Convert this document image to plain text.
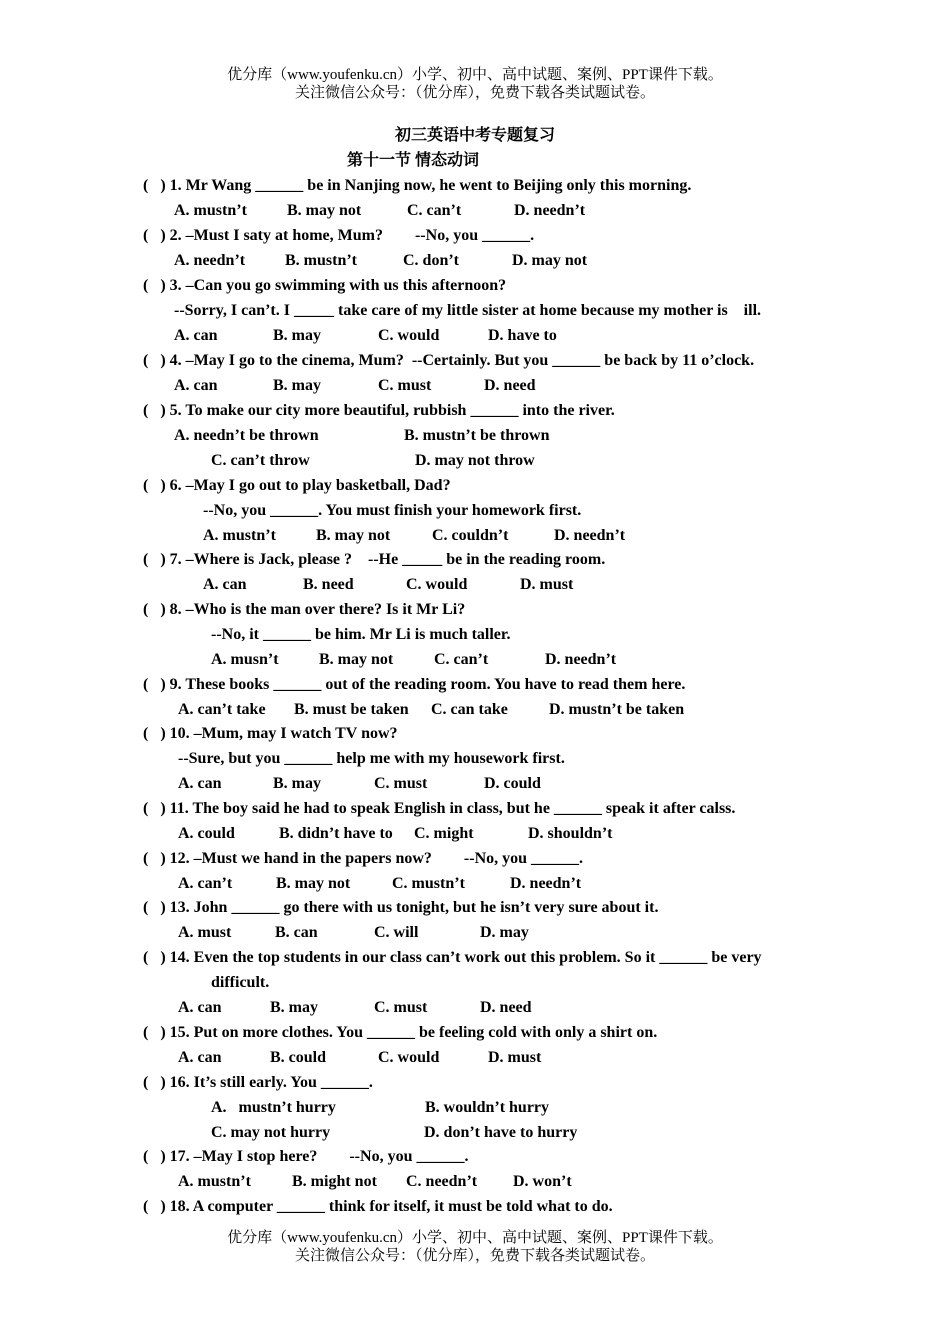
优分库（www.youfenku.cn）小学、初中、高中试题、案例、PPT课件下载。
关注微信公众号：（优分库），免费下载各类试题试卷。
初三英语中考专题复习
第十一节 情态动词
(   ) 1. Mr Wang ______ be in Nanjing now, he went to Beijing only this morning.
A. mustn’t	B. may not	C. can’t	D. needn’t
(   ) 2. –Must I saty at home, Mum?        --No, you ______.
A. needn’t B. mustn’t	C. don’t	D. may not
(   ) 3. –Can you go swimming with us this afternoon?
--Sorry, I can’t. I _____ take care of my little sister at home because my mother is    ill.
A. can	B. may	C. would	D. have to
(   ) 4. –May I go to the cinema, Mum?  --Certainly. But you ______ be back by 11 o’clock.
A. can	B. may	C. must	D. need
(   ) 5. To make our city more beautiful, rubbish ______ into the river.
A. needn’t be thrown	B. mustn’t be thrown
C. can’t throw	D. may not throw
(   ) 6. –May I go out to play basketball, Dad?
--No, you ______. You must finish your homework first.
A. mustn’t	B. may not	C. couldn’t	D. needn’t
(   ) 7. –Where is Jack, please ?    --He _____ be in the reading room.
A. can	B. need	C. would	D. must
(   ) 8. –Who is the man over there? Is it Mr Li?
--No, it ______ be him. Mr Li is much taller.
A. musn’t	B. may not	C. can’t	D. needn’t
(   ) 9. These books ______ out of the reading room. You have to read them here.
A. can’t take B. must be taken C. can take	D. mustn’t be taken
(   ) 10. –Mum, may I watch TV now?
--Sure, but you ______ help me with my housework first.
A. can	B. may	C. must	D. could
(   ) 11. The boy said he had to speak English in class, but he ______ speak it after calss.
A. could	B. didn’t have to C. might	D. shouldn’t
(   ) 12. –Must we hand in the papers now?        --No, you ______.
A. can’t	B. may not	C. mustn’t	D. needn’t
(   ) 13. John ______ go there with us tonight, but he isn’t very sure about it.
A. must	B. can	C. will	D. may
(   ) 14. Even the top students in our class can’t work out this problem. So it ______ be very
difficult.
A. can	B. may	C. must	D. need
(   ) 15. Put on more clothes. You ______ be feeling cold with only a shirt on.
A. can	B. could	C. would	D. must
(   ) 16. It’s still early. You ______.
A.   mustn’t hurry	B. wouldn’t hurry
C. may not hurry	D. don’t have to hurry
(   ) 17. –May I stop here?        --No, you ______.
A. mustn’t	B. might not C. needn’t D. won’t
(   ) 18. A computer ______ think for itself, it must be told what to do.
优分库（www.youfenku.cn）小学、初中、高中试题、案例、PPT课件下载。
关注微信公众号：（优分库），免费下载各类试题试卷。
